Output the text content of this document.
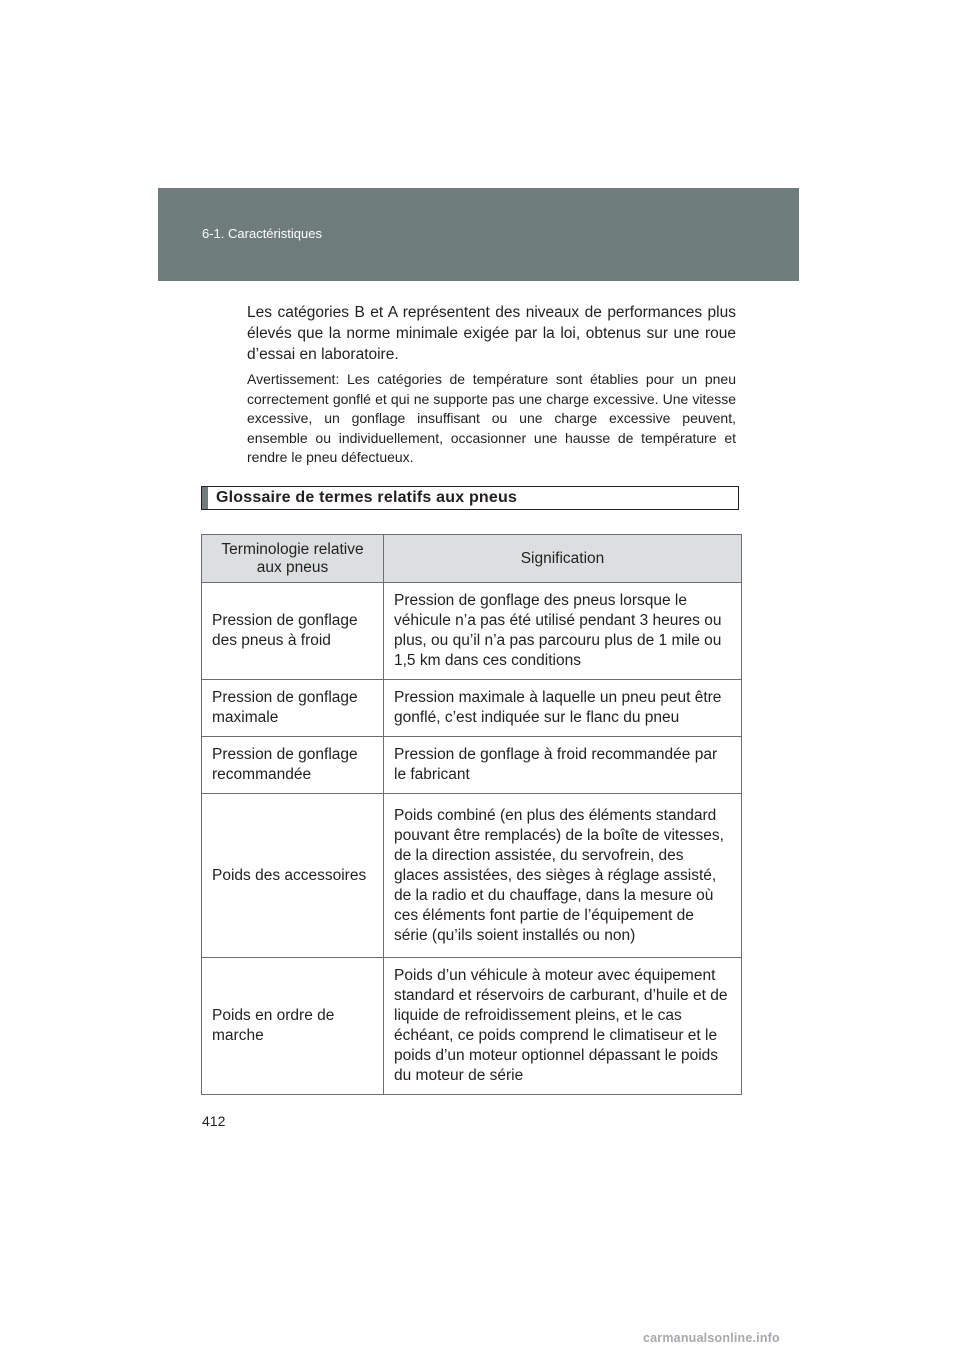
6-1. Caractéristiques

Les catégories B et A représentent des niveaux de performances plus élevés que la norme minimale exigée par la loi, obtenus sur une roue d’essai en laboratoire.

Avertissement: Les catégories de température sont établies pour un pneu correctement gonflé et qui ne supporte pas une charge excessive. Une vitesse excessive, un gonflage insuffisant ou une charge excessive peuvent, ensemble ou individuellement, occasionner une hausse de température et rendre le pneu défectueux.

Glossaire de termes relatifs aux pneus
Terminologie relative aux pneus	Signification
Pression de gonflage des pneus à froid	Pression de gonflage des pneus lorsque le véhicule n’a pas été utilisé pendant 3 heures ou plus, ou qu’il n’a pas parcouru plus de 1 mile ou 1,5 km dans ces conditions
Pression de gonflage maximale	Pression maximale à laquelle un pneu peut être gonflé, c’est indiquée sur le flanc du pneu
Pression de gonflage recommandée	Pression de gonflage à froid recommandée par le fabricant
Poids des accessoires	Poids combiné (en plus des éléments standard pouvant être remplacés) de la boîte de vitesses, de la direction assistée, du servofrein, des glaces assistées, des sièges à réglage assisté, de la radio et du chauffage, dans la mesure où ces éléments font partie de l’équipement de série (qu’ils soient installés ou non)
Poids en ordre de marche	Poids d’un véhicule à moteur avec équipement standard et réservoirs de carburant, d’huile et de liquide de refroidissement pleins, et le cas échéant, ce poids comprend le climatiseur et le poids d’un moteur optionnel dépassant le poids du moteur de série
412
carmanualsonline.info
